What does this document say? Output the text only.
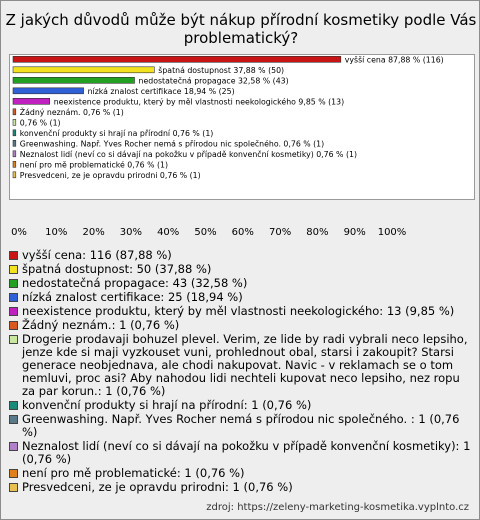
Z jakých důvodů může být nákup přírodní kosmetiky podle Vás problematický?
vyšší cena 87,88 % (116)
špatná dostupnost 37,88 % (50)
nedostatečná propagace 32,58 % (43)
nízká znalost certifikace 18,94 % (25)
neexistence produktu, který by měl vlastnosti neekologického 9,85 % (13)
Žádný neznám. 0,76 % (1)
0,76 % (1)
konvenční produkty si hrají na přírodní 0,76 % (1)
Greenwashing. Např. Yves Rocher nemá s přírodou nic společného. 0,76 % (1)
Neznalost lidí (neví co si dávají na pokožku v případě konvenční kosmetiky) 0,76 % (1)
není pro mě problematické 0,76 % (1)
Presvedceni, ze je opravdu prirodni 0,76 % (1)
0% 10% 20% 30% 40% 50% 60% 70% 80% 90% 100%
vyšší cena: 116 (87,88 %)
špatná dostupnost: 50 (37,88 %)
nedostatečná propagace: 43 (32,58 %)
nízká znalost certifikace: 25 (18,94 %)
neexistence produktu, který by měl vlastnosti neekologického: 13 (9,85 %)
Žádný neznám.: 1 (0,76 %)
Drogerie prodavaji bohuzel plevel. Verim, ze lide by radi vybrali neco lepsiho, jenze kde si maji vyzkouset vuni, prohlednout obal, starsi i zakoupit? Starsi generace neobjednava, ale chodi nakupovat. Navic - v reklamach se o tom nemluvi, proc asi? Aby nahodou lidi nechteli kupovat neco lepsiho, nez ropu za par korun.: 1 (0,76 %)
konvenční produkty si hrají na přírodní: 1 (0,76 %)
Greenwashing. Např. Yves Rocher nemá s přírodou nic společného. : 1 (0,76 %)
Neznalost lidí (neví co si dávají na pokožku v případě konvenční kosmetiky): 1 (0,76 %)
není pro mě problematické: 1 (0,76 %)
Presvedceni, ze je opravdu prirodni: 1 (0,76 %)
zdroj: https://zeleny-marketing-kosmetika.vyplnto.cz
